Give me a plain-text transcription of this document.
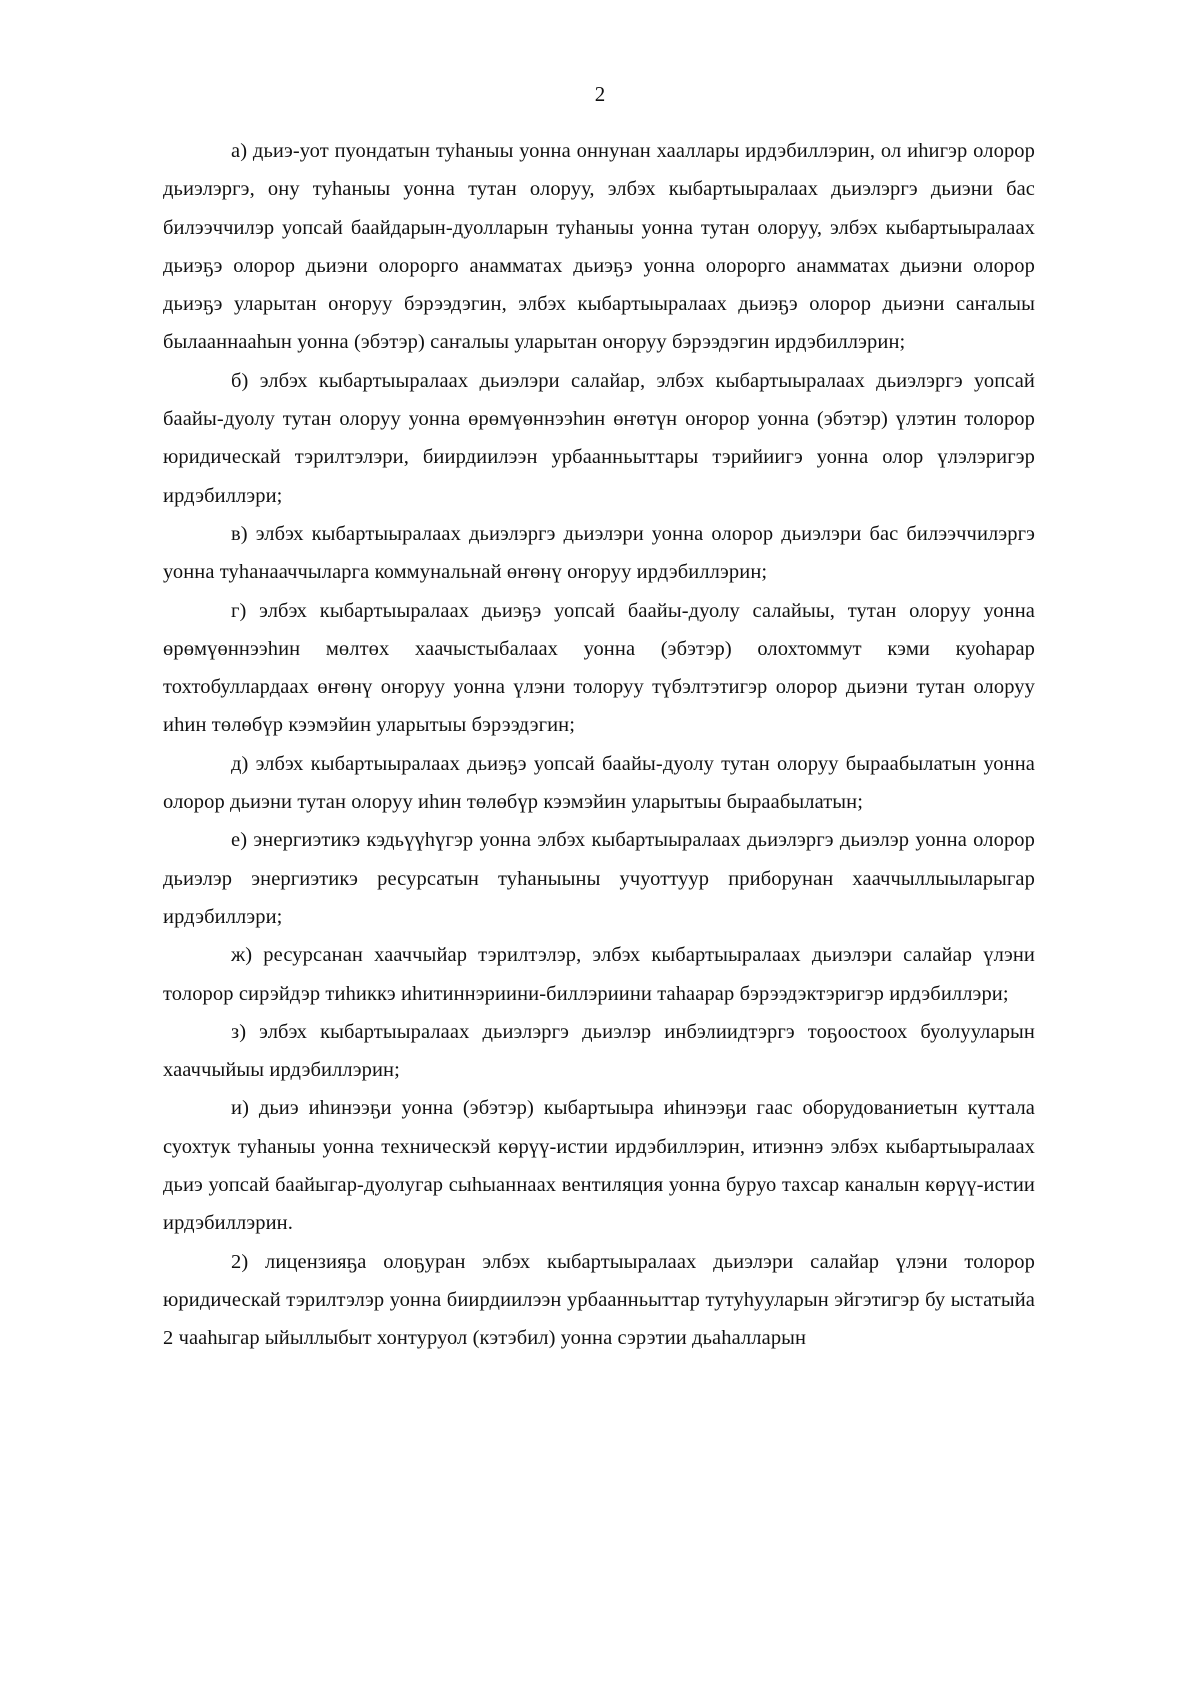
2

а) дьиэ-уот пуондатын туһаныы уонна оннунан хааллары ирдэбиллэрин, ол иһигэр олорор дьиэлэргэ, ону туһаныы уонна тутан олоруу, элбэх кыбартыыралаах дьиэлэргэ дьиэни бас билээччилэр уопсай баайдарын-дуолларын туһаныы уонна тутан олоруу, элбэх кыбартыыралаах дьиэҕэ олорор дьиэни олорорго анамматах дьиэҕэ уонна олорорго анамматах дьиэни олорор дьиэҕэ уларытан оҥоруу бэрээдэгин, элбэх кыбартыыралаах дьиэҕэ олорор дьиэни саҥалыы былааннааһын уонна (эбэтэр) саҥалыы уларытан оҥоруу бэрээдэгин ирдэбиллэрин;

б) элбэх кыбартыыралаах дьиэлэри салайар, элбэх кыбартыыралаах дьиэлэргэ уопсай баайы-дуолу тутан олоруу уонна өрөмүөннээһин өҥөтүн оҥорор уонна (эбэтэр) үлэтин толорор юридическай тэрилтэлэри, биирдиилээн урбаанньыттары тэрийиигэ уонна олор үлэлэригэр ирдэбиллэри;

в) элбэх кыбартыыралаах дьиэлэргэ дьиэлэри уонна олорор дьиэлэри бас билээччилэргэ уонна туһанааччыларга коммунальнай өҥөнү оҥоруу ирдэбиллэрин;

г) элбэх кыбартыыралаах дьиэҕэ уопсай баайы-дуолу салайыы, тутан олоруу уонна өрөмүөннээһин мөлтөх хаачыстыбалаах уонна (эбэтэр) олохтоммут кэми куоһарар тохтобуллардаах өҥөнү оҥоруу уонна үлэни толоруу түбэлтэтигэр олорор дьиэни тутан олоруу иһин төлөбүр кээмэйин уларытыы бэрээдэгин;

д) элбэх кыбартыыралаах дьиэҕэ уопсай баайы-дуолу тутан олоруу быраабылатын уонна олорор дьиэни тутан олоруу иһин төлөбүр кээмэйин уларытыы быраабылатын;

е) энергиэтикэ кэдьүүһүгэр уонна элбэх кыбартыыралаах дьиэлэргэ дьиэлэр уонна олорор дьиэлэр энергиэтикэ ресурсатын туһаныыны учуоттуур приборунан хааччыллыыларыгар ирдэбиллэри;

ж) ресурсанан хааччыйар тэрилтэлэр, элбэх кыбартыыралаах дьиэлэри салайар үлэни толорор сирэйдэр тиһиккэ иһитиннэриини-биллэриини таһаарар бэрээдэктэригэр ирдэбиллэри;

з) элбэх кыбартыыралаах дьиэлэргэ дьиэлэр инбэлиидтэргэ тоҕоостоох буолууларын хааччыйыы ирдэбиллэрин;

и) дьиэ иһинээҕи уонна (эбэтэр) кыбартыыра иһинээҕи гаас оборудованиетын куттала суохтук туһаныы уонна техническэй көрүү-истии ирдэбиллэрин, итиэннэ элбэх кыбартыыралаах дьиэ уопсай баайыгар-дуолугар сыһыаннаах вентиляция уонна буруо тахсар каналын көрүү-истии ирдэбиллэрин.

2) лицензияҕа олоҕуран элбэх кыбартыыралаах дьиэлэри салайар үлэни толорор юридическай тэрилтэлэр уонна биирдиилээн урбаанньыттар тутуһууларын эйгэтигэр бу ыстатыйа 2 чааһыгар ыйыллыбыт хонтуруол (кэтэбил) уонна сэрэтии дьаһалларын
